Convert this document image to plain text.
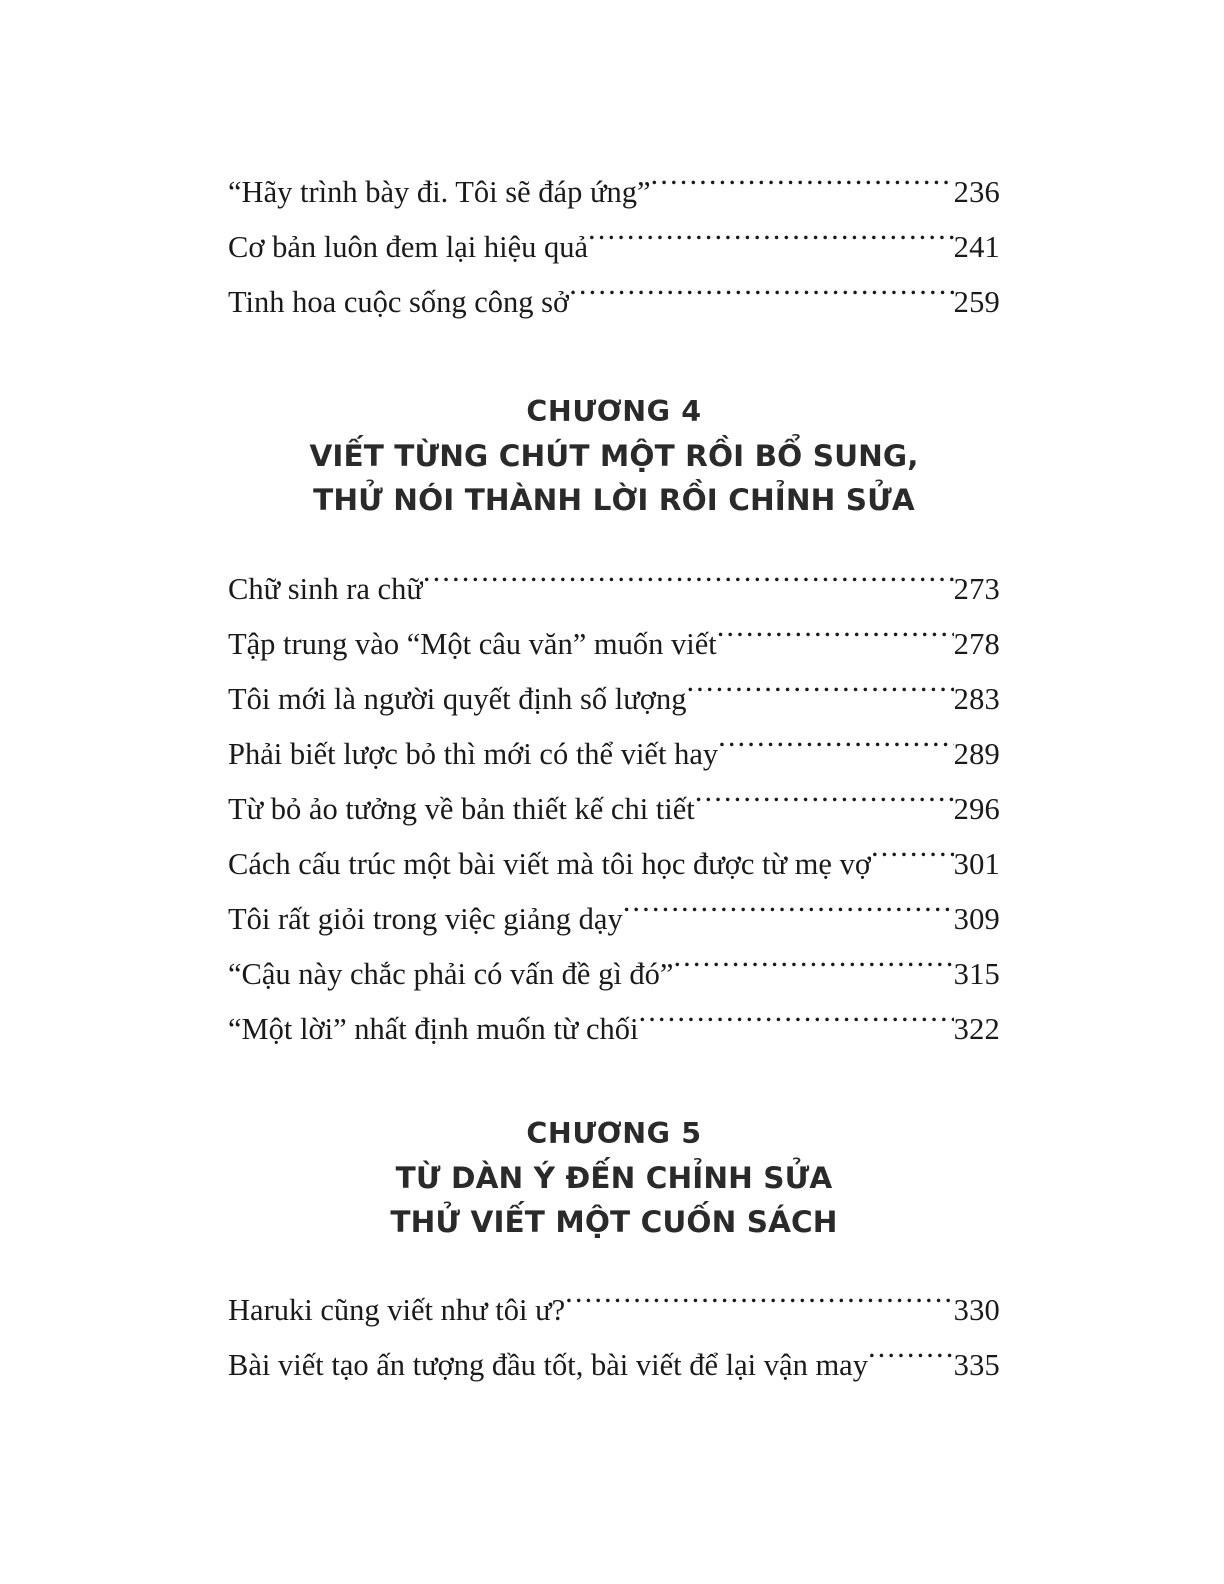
“Hãy trình bày đi. Tôi sẽ đáp ứng” .....	236
Cơ bản luôn đem lại hiệu quả .....	241
Tinh hoa cuộc sống công sở .....	259
CHƯƠNG 4
VIẾT TỪNG CHÚT MỘT RỒI BỔ SUNG,
THỬ NÓI THÀNH LỜI RỒI CHỈNH SỬA
Chữ sinh ra chữ .....	273
Tập trung vào “Một câu văn” muốn viết .....	278
Tôi mới là người quyết định số lượng .....	283
Phải biết lược bỏ thì mới có thể viết hay .....	289
Từ bỏ ảo tưởng về bản thiết kế chi tiết .....	296
Cách cấu trúc một bài viết mà tôi học được từ mẹ vợ .....	301
Tôi rất giỏi trong việc giảng dạy .....	309
“Cậu này chắc phải có vấn đề gì đó” .....	315
“Một lời” nhất định muốn từ chối .....	322
CHƯƠNG 5
TỪ DÀN Ý ĐẾN CHỈNH SỬA
THỬ VIẾT MỘT CUỐN SÁCH
Haruki cũng viết như tôi ư? .....	330
Bài viết tạo ấn tượng đầu tốt, bài viết để lại vận may .....	335
